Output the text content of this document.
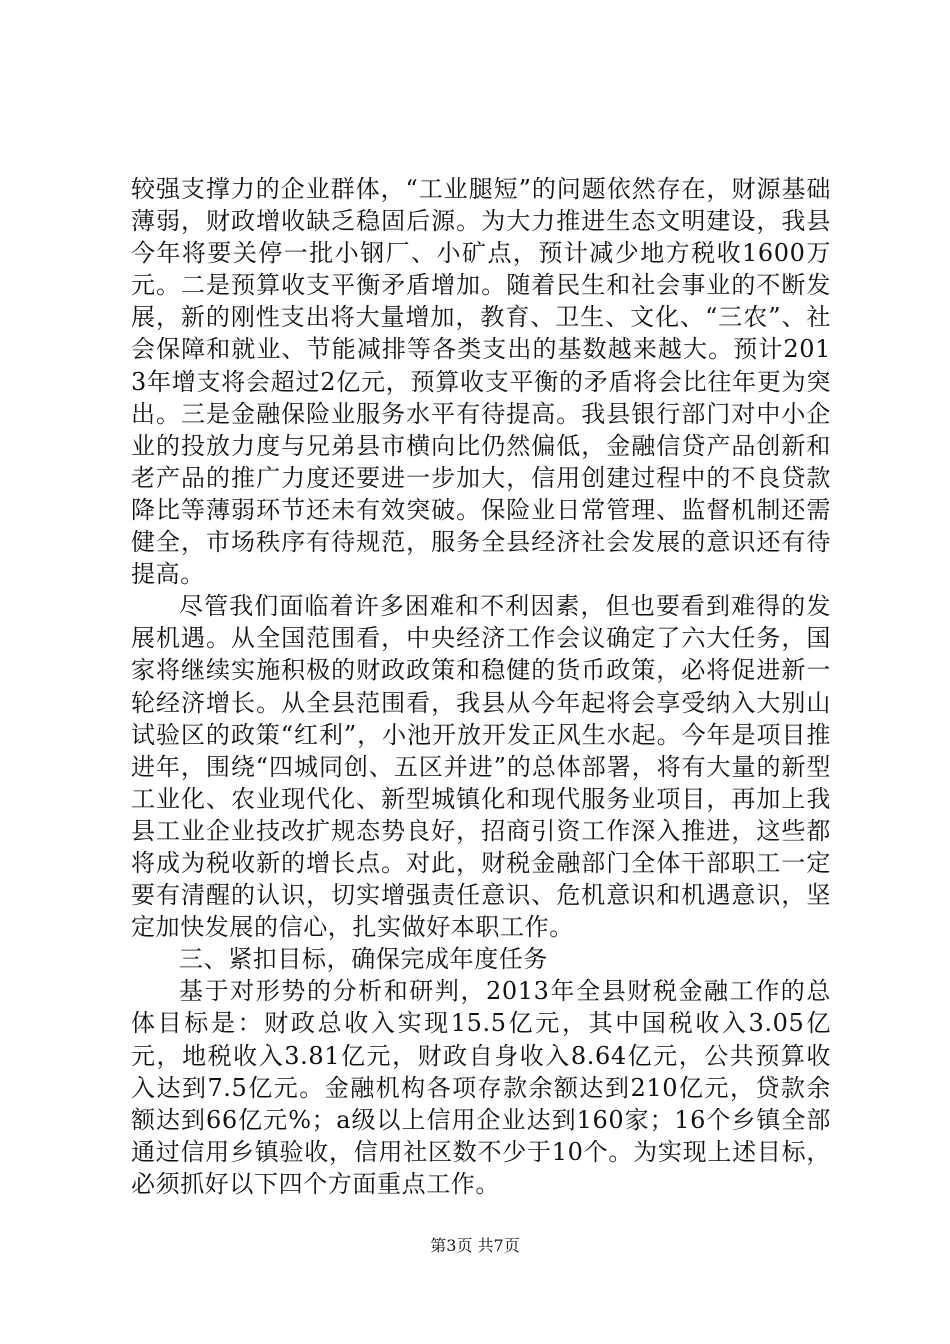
较强支撑力的企业群体，“工业腿短”的问题依然存在，财源基础薄弱，财政增收缺乏稳固后源。为大力推进生态文明建设，我县今年将要关停一批小钢厂、小矿点，预计减少地方税收1600万元。二是预算收支平衡矛盾增加。随着民生和社会事业的不断发展，新的刚性支出将大量增加，教育、卫生、文化、“三农”、社会保障和就业、节能减排等各类支出的基数越来越大。预计2013年增支将会超过2亿元，预算收支平衡的矛盾将会比往年更为突出。三是金融保险业服务水平有待提高。我县银行部门对中小企业的投放力度与兄弟县市横向比仍然偏低，金融信贷产品创新和老产品的推广力度还要进一步加大，信用创建过程中的不良贷款降比等薄弱环节还未有效突破。保险业日常管理、监督机制还需健全，市场秩序有待规范，服务全县经济社会发展的意识还有待提高。

尽管我们面临着许多困难和不利因素，但也要看到难得的发展机遇。从全国范围看，中央经济工作会议确定了六大任务，国家将继续实施积极的财政政策和稳健的货币政策，必将促进新一轮经济增长。从全县范围看，我县从今年起将会享受纳入大别山试验区的政策“红利”，小池开放开发正风生水起。今年是项目推进年，围绕“四城同创、五区并进”的总体部署，将有大量的新型工业化、农业现代化、新型城镇化和现代服务业项目，再加上我县工业企业技改扩规态势良好，招商引资工作深入推进，这些都将成为税收新的增长点。对此，财税金融部门全体干部职工一定要有清醒的认识，切实增强责任意识、危机意识和机遇意识，坚定加快发展的信心，扎实做好本职工作。

三、紧扣目标，确保完成年度任务

基于对形势的分析和研判，2013年全县财税金融工作的总体目标是：财政总收入实现15.5亿元，其中国税收入3.05亿元，地税收入3.81亿元，财政自身收入8.64亿元，公共预算收入达到7.5亿元。金融机构各项存款余额达到210亿元，贷款余额达到66亿元%；a级以上信用企业达到160家；16个乡镇全部通过信用乡镇验收，信用社区数不少于10个。为实现上述目标，必须抓好以下四个方面重点工作。

第3页 共7页
